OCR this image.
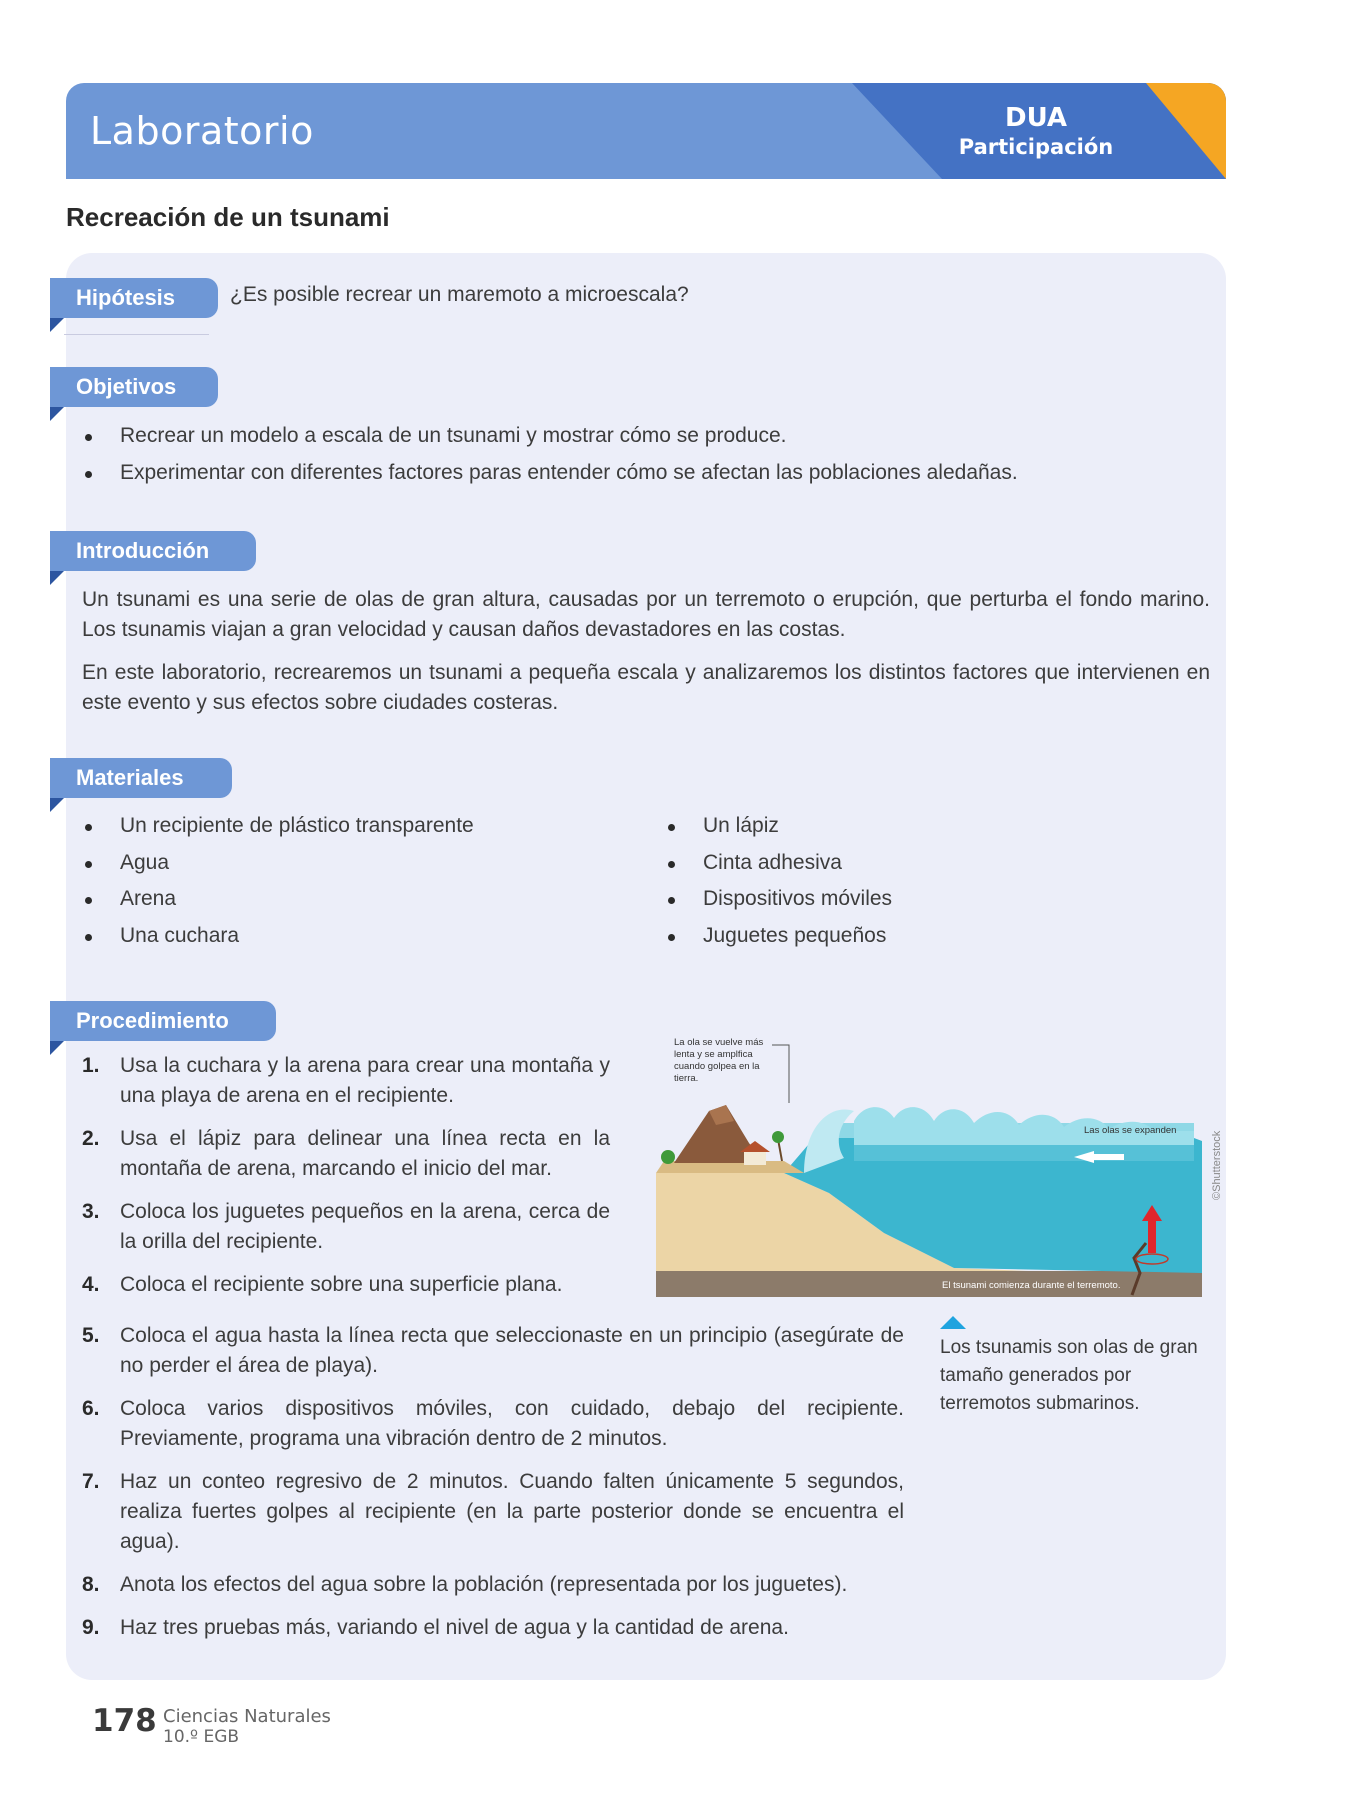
Laboratorio	DUA
Participación
Recreación de un tsunami
Hipótesis	¿Es posible recrear un maremoto a microescala?
Objetivos
Recrear un modelo a escala de un tsunami y mostrar cómo se produce.
Experimentar con diferentes factores paras entender cómo se afectan las poblaciones aledañas.
Introducción
Un tsunami es una serie de olas de gran altura, causadas por un terremoto o erupción, que perturba el fondo marino. Los tsunamis viajan a gran velocidad y causan daños devastadores en las costas.
En este laboratorio, recrearemos un tsunami a pequeña escala y analizaremos los distintos factores que intervienen en este evento y sus efectos sobre ciudades costeras.
Materiales
Un recipiente de plástico transparente
Agua
Arena
Una cuchara
Un lápiz
Cinta adhesiva
Dispositivos móviles
Juguetes pequeños
Procedimiento
1. Usa la cuchara y la arena para crear una montaña y una playa de arena en el recipiente.
2. Usa el lápiz para delinear una línea recta en la montaña de arena, marcando el inicio del mar.
3. Coloca los juguetes pequeños en la arena, cerca de la orilla del recipiente.
4. Coloca el recipiente sobre una superficie plana.
5. Coloca el agua hasta la línea recta que seleccionaste en un principio (asegúrate de no perder el área de playa).
6. Coloca varios dispositivos móviles, con cuidado, debajo del recipiente. Previamente, programa una vibración dentro de 2 minutos.
7. Haz un conteo regresivo de 2 minutos. Cuando falten únicamente 5 segundos, realiza fuertes golpes al recipiente (en la parte posterior donde se encuentra el agua).
8. Anota los efectos del agua sobre la población (representada por los juguetes).
9. Haz tres pruebas más, variando el nivel de agua y la cantidad de arena.
La ola se vuelve más lenta y se amplfica cuando golpea en la tierra.
Las olas se expanden
El tsunami comienza durante el terremoto.
©Shutterstock
Los tsunamis son olas de gran tamaño generados por terremotos submarinos.
178 Ciencias Naturales
10.º EGB
